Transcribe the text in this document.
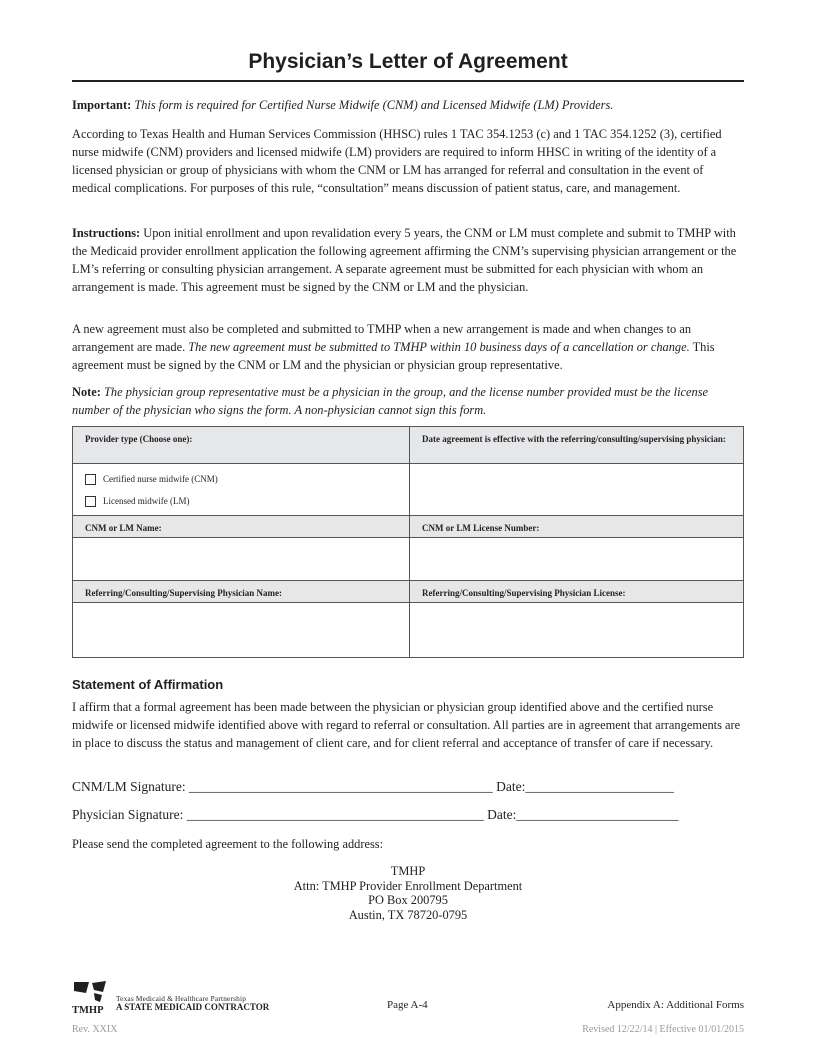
Physician’s Letter of Agreement

Important: This form is required for Certified Nurse Midwife (CNM) and Licensed Midwife (LM) Providers.

According to Texas Health and Human Services Commission (HHSC) rules 1 TAC 354.1253 (c) and 1 TAC 354.1252 (3), certified nurse midwife (CNM) providers and licensed midwife (LM) providers are required to inform HHSC in writing of the identity of a licensed physician or group of physicians with whom the CNM or LM has arranged for referral and consultation in the event of medical complications. For purposes of this rule, “consultation” means discussion of patient status, care, and management.

Instructions: Upon initial enrollment and upon revalidation every 5 years, the CNM or LM must complete and submit to TMHP with the Medicaid provider enrollment application the following agreement affirming the CNM’s supervising physician arrangement or the LM’s referring or consulting physician arrangement. A separate agreement must be submitted for each physician with whom an arrangement is made. This agreement must be signed by the CNM or LM and the physician.

A new agreement must also be completed and submitted to TMHP when a new arrangement is made and when changes to an arrangement are made. The new agreement must be submitted to TMHP within 10 business days of a cancellation or change. This agreement must be signed by the CNM or LM and the physician or physician group representative.

Note: The physician group representative must be a physician in the group, and the license number provided must be the license number of the physician who signs the form. A non-physician cannot sign this form.

Provider type (Choose one):	Date agreement is effective with the referring/consulting/supervising physician:

Certified nurse midwife (CNM)
Licensed midwife (LM)	

CNM or LM Name:	CNM or LM License Number:

Referring/Consulting/Supervising Physician Name:	Referring/Consulting/Supervising Physician License:

Statement of Affirmation

I affirm that a formal agreement has been made between the physician or physician group identified above and the certified nurse midwife or licensed midwife identified above with regard to referral or consultation. All parties are in agreement that arrangements are in place to discuss the status and management of client care, and for client referral and acceptance of transfer of care if necessary.

CNM/LM Signature: _____________________________________________ Date:______________________
Physician Signature: ____________________________________________ Date:________________________

Please send the completed agreement to the following address:

TMHP
Attn: TMHP Provider Enrollment Department
PO Box 200795
Austin, TX 78720-0795
TMHP
Texas Medicaid & Healthcare Partnership
A STATE MEDICAID CONTRACTOR	Page A-4	Appendix A: Additional Forms
Rev. XXIX	Revised 12/22/14 | Effective 01/01/2015
